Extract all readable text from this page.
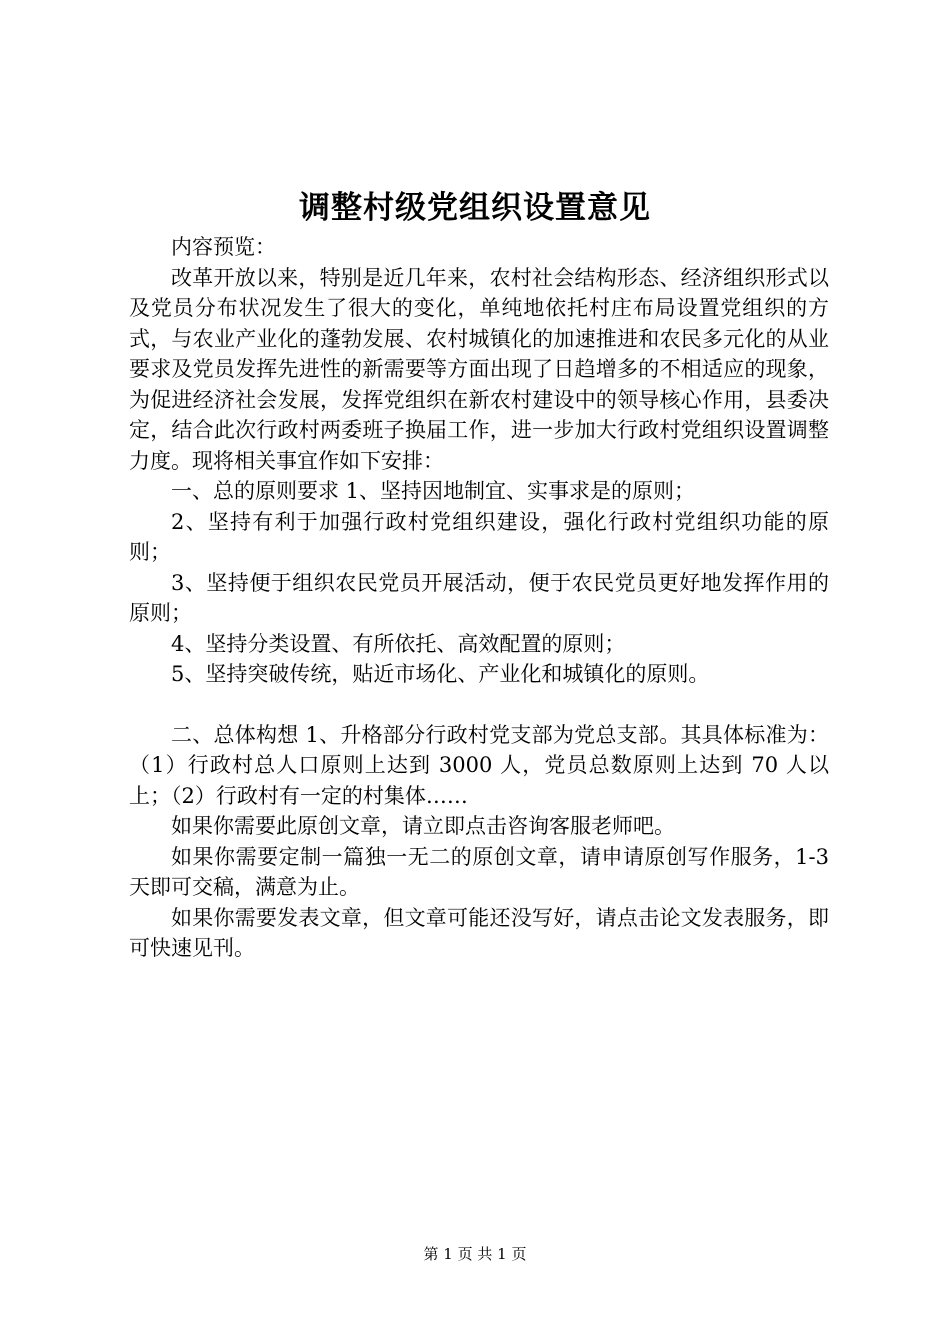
调整村级党组织设置意见

内容预览：

改革开放以来，特别是近几年来，农村社会结构形态、经济组织形式以及党员分布状况发生了很大的变化，单纯地依托村庄布局设置党组织的方式，与农业产业化的蓬勃发展、农村城镇化的加速推进和农民多元化的从业要求及党员发挥先进性的新需要等方面出现了日趋增多的不相适应的现象，为促进经济社会发展，发挥党组织在新农村建设中的领导核心作用，县委决定，结合此次行政村两委班子换届工作，进一步加大行政村党组织设置调整力度。现将相关事宜作如下安排：

一、总的原则要求 1、坚持因地制宜、实事求是的原则；

2、坚持有利于加强行政村党组织建设，强化行政村党组织功能的原则；

3、坚持便于组织农民党员开展活动，便于农民党员更好地发挥作用的原则；

4、坚持分类设置、有所依托、高效配置的原则；

5、坚持突破传统，贴近市场化、产业化和城镇化的原则。

二、总体构想 1、升格部分行政村党支部为党总支部。其具体标准为：（1）行政村总人口原则上达到 3000 人，党员总数原则上达到 70 人以上；（2）行政村有一定的村集体……

如果你需要此原创文章，请立即点击咨询客服老师吧。

如果你需要定制一篇独一无二的原创文章，请申请原创写作服务，1-3 天即可交稿，满意为止。

如果你需要发表文章，但文章可能还没写好，请点击论文发表服务，即可快速见刊。

第 1 页 共 1 页
